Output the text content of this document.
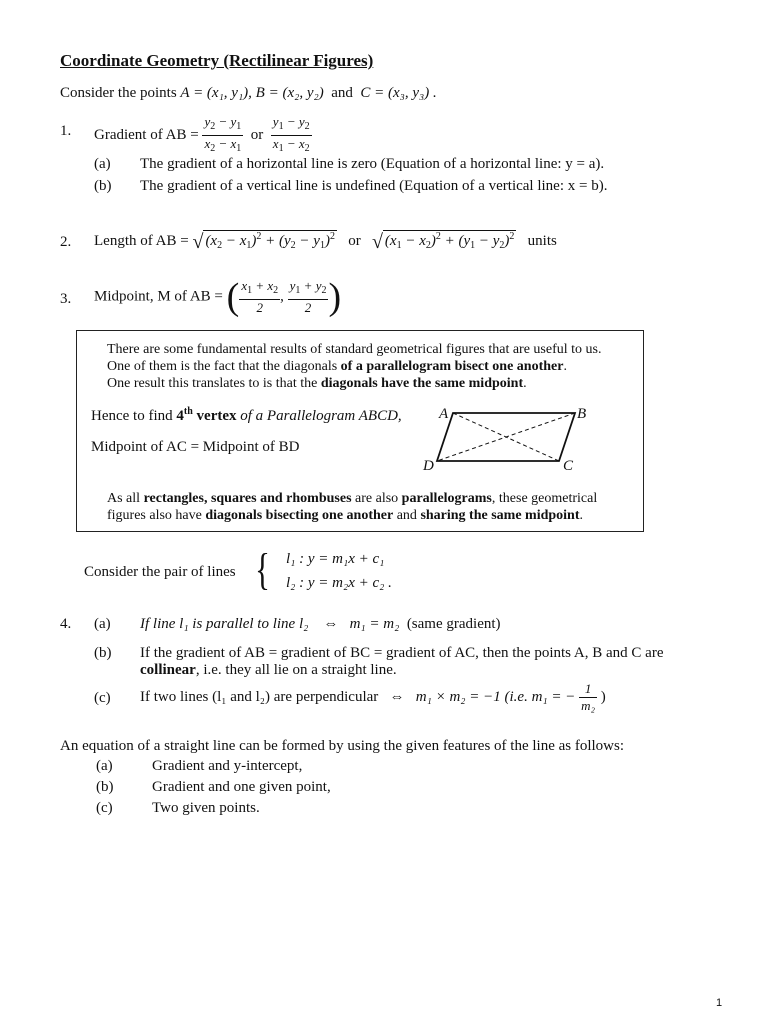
Coordinate Geometry (Rectilinear Figures)
Consider the points A = (x₁, y₁), B = (x₂, y₂) and C = (x₃, y₃) .
1. Gradient of AB = $\frac{y_2 - y_1}{x_2 - x_1}$ or $\frac{y_1 - y_2}{x_1 - x_2}$
(a) The gradient of a horizontal line is zero (Equation of a horizontal line: y = a).
(b) The gradient of a vertical line is undefined (Equation of a vertical line: x = b).
2. Length of AB = √ $(x_2 - x_1)^2 + (y_2 - y_1)^2$ or √ $(x_1 - x_2)^2 + (y_1 - y_2)^2$ units
3. Midpoint, M of AB = ( $\frac{x_1 + x_2}{2}$ , $\frac{y_1 + y_2}{2}$ )
There are some fundamental results of standard geometrical figures that are useful to us.
One of them is the fact that the diagonals of a parallelogram bisect one another.
One result this translates to is that the diagonals have the same midpoint.
Hence to find 4th vertex of a Parallelogram ABCD,
Midpoint of AC = Midpoint of BD
A	B
C
D
As all rectangles, squares and rhombuses are also parallelograms, these geometrical
figures also have diagonals bisecting one another and sharing the same midpoint.
Consider the pair of lines { l₁ : y = m₁x + c₁
l₂ : y = m₂x + c₂ .
4. (a) If line l₁ is parallel to line l₂ ⇔ m₁ = m₂ (same gradient)
(b) If the gradient of AB = gradient of BC = gradient of AC, then the points A, B and C are
collinear, i.e. they all lie on a straight line.
(c) If two lines (l₁ and l₂) are perpendicular ⇔ m₁ × m₂ = −1 (i.e. m₁ = − $\frac{1}{\text{m₂}}$ )
An equation of a straight line can be formed by using the given features of the line as follows:
(a)	Gradient and y-intercept,
(b)	Gradient and one given point,
(c)	Two given points.
1
